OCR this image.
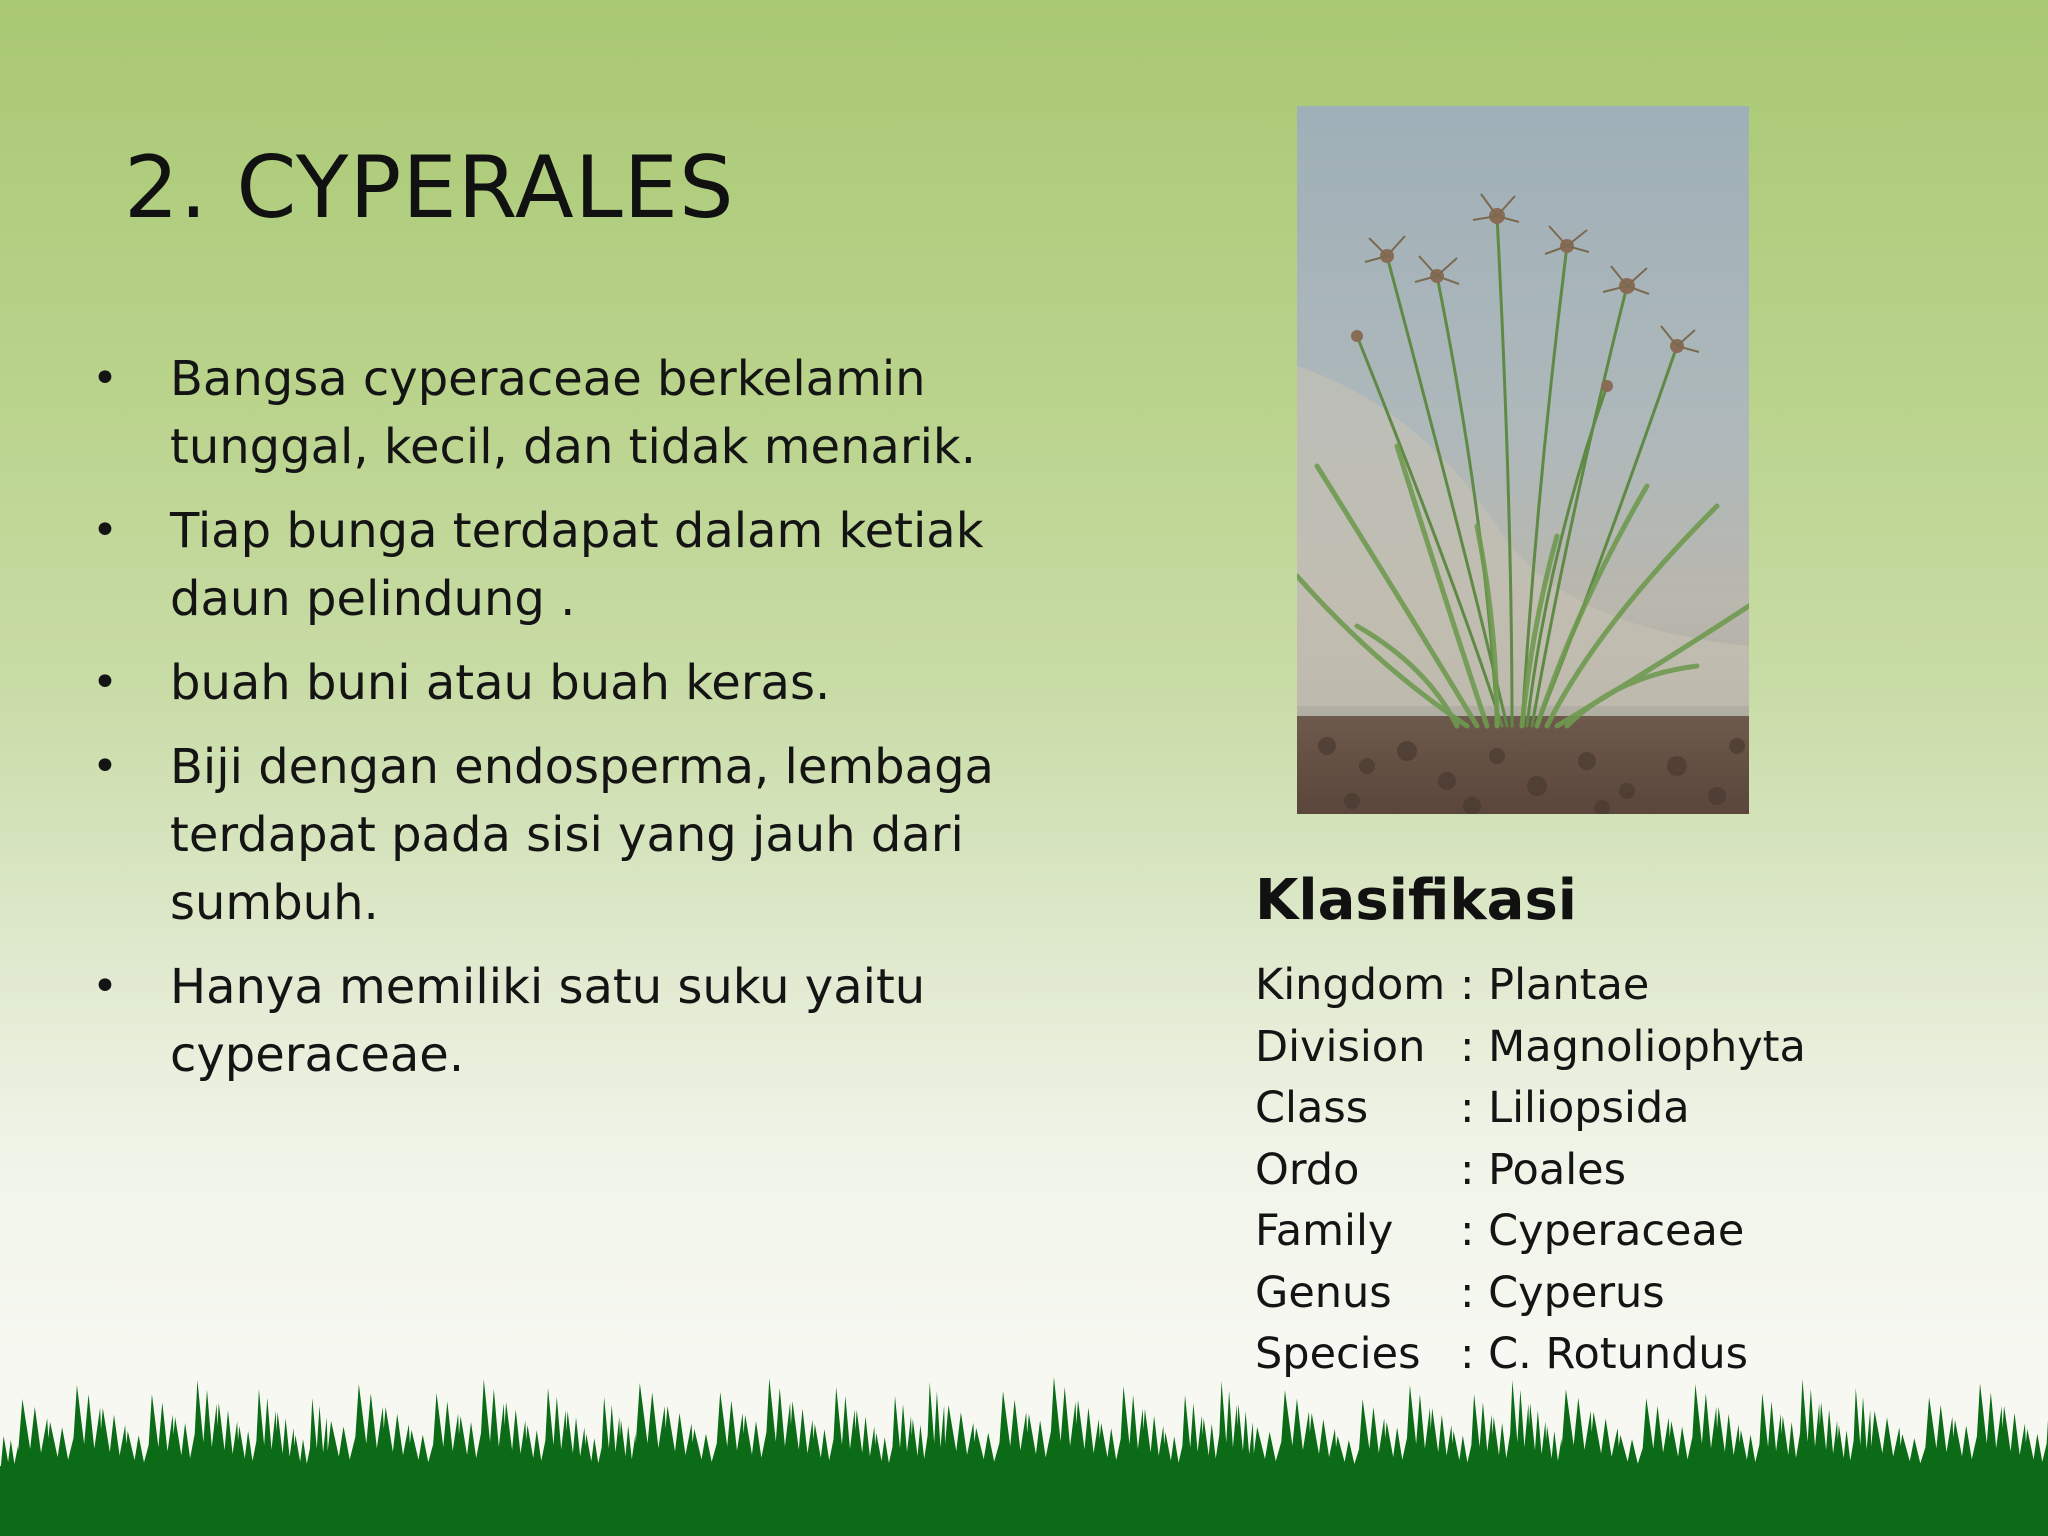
2. CYPERALES
• Bangsa cyperaceae berkelamin tunggal, kecil, dan tidak menarik.
• Tiap bunga terdapat dalam ketiak daun pelindung .
• buah buni atau buah keras.
• Biji dengan endosperma, lembaga terdapat pada sisi yang jauh dari sumbuh.
• Hanya memiliki satu suku yaitu cyperaceae.
Klasifikasi
Kingdom	: Plantae
Division	: Magnoliophyta
Class	: Liliopsida
Ordo	: Poales
Family	: Cyperaceae
Genus	: Cyperus
Species	: C. Rotundus
